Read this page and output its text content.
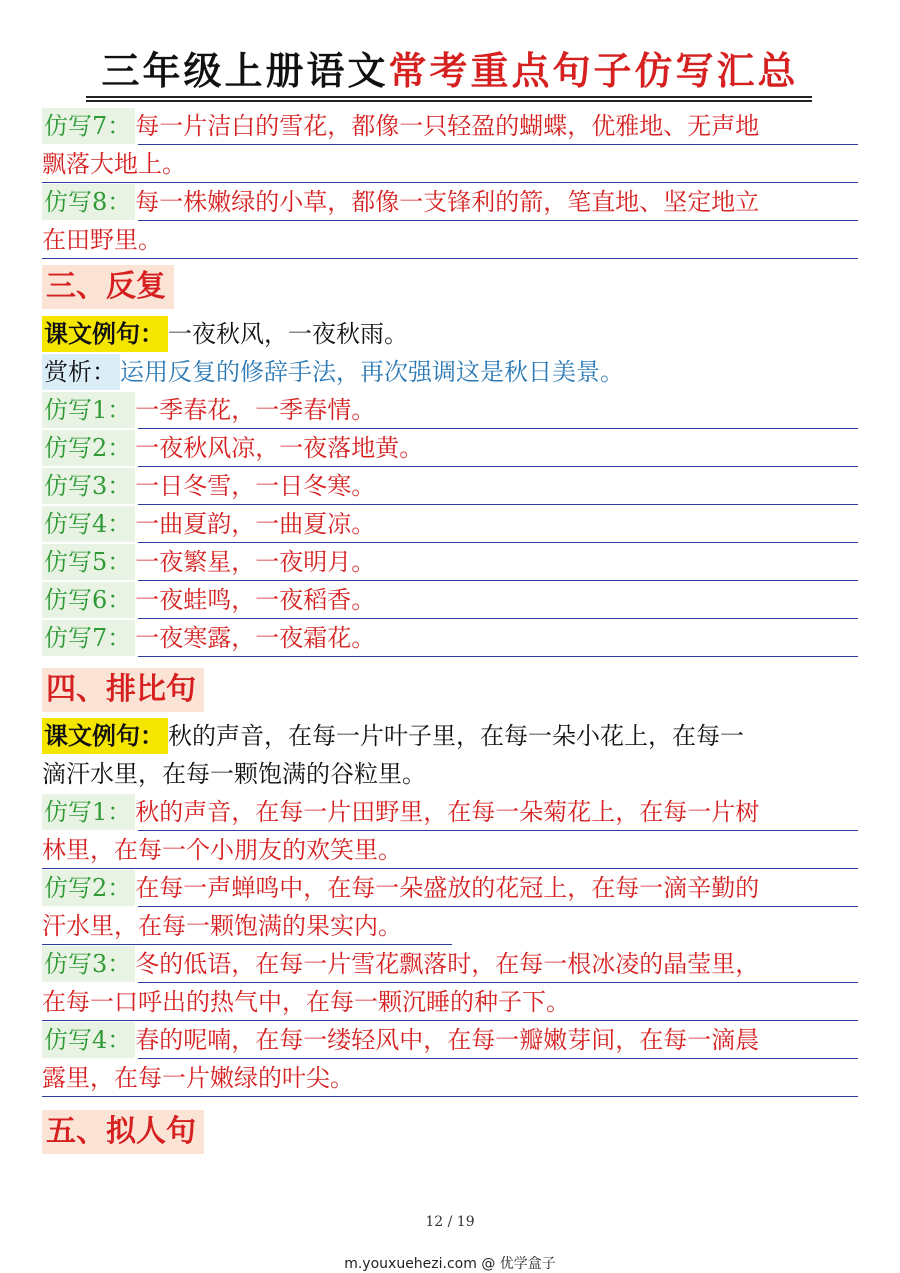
三年级上册语文常考重点句子仿写汇总
仿写7： 每一片洁白的雪花，都像一只轻盈的蝴蝶，优雅地、无声地
飘落大地上。
仿写8： 每一株嫩绿的小草，都像一支锋利的箭，笔直地、坚定地立
在田野里。
三、反复
课文例句： 一夜秋风，一夜秋雨。
赏析： 运用反复的修辞手法，再次强调这是秋日美景。
仿写1： 一季春花，一季春情。
仿写2： 一夜秋风凉，一夜落地黄。
仿写3： 一日冬雪，一日冬寒。
仿写4： 一曲夏韵，一曲夏凉。
仿写5： 一夜繁星，一夜明月。
仿写6： 一夜蛙鸣，一夜稻香。
仿写7： 一夜寒露，一夜霜花。
四、排比句
课文例句： 秋的声音，在每一片叶子里，在每一朵小花上，在每一
滴汗水里，在每一颗饱满的谷粒里。
仿写1： 秋的声音，在每一片田野里，在每一朵菊花上，在每一片树
林里，在每一个小朋友的欢笑里。
仿写2： 在每一声蝉鸣中，在每一朵盛放的花冠上，在每一滴辛勤的
汗水里，在每一颗饱满的果实内。
仿写3： 冬的低语，在每一片雪花飘落时，在每一根冰凌的晶莹里，
在每一口呼出的热气中，在每一颗沉睡的种子下。
仿写4： 春的呢喃，在每一缕轻风中，在每一瓣嫩芽间，在每一滴晨
露里，在每一片嫩绿的叶尖。
五、拟人句
12 / 19
m.youxuehezi.com @ 优学盒子
